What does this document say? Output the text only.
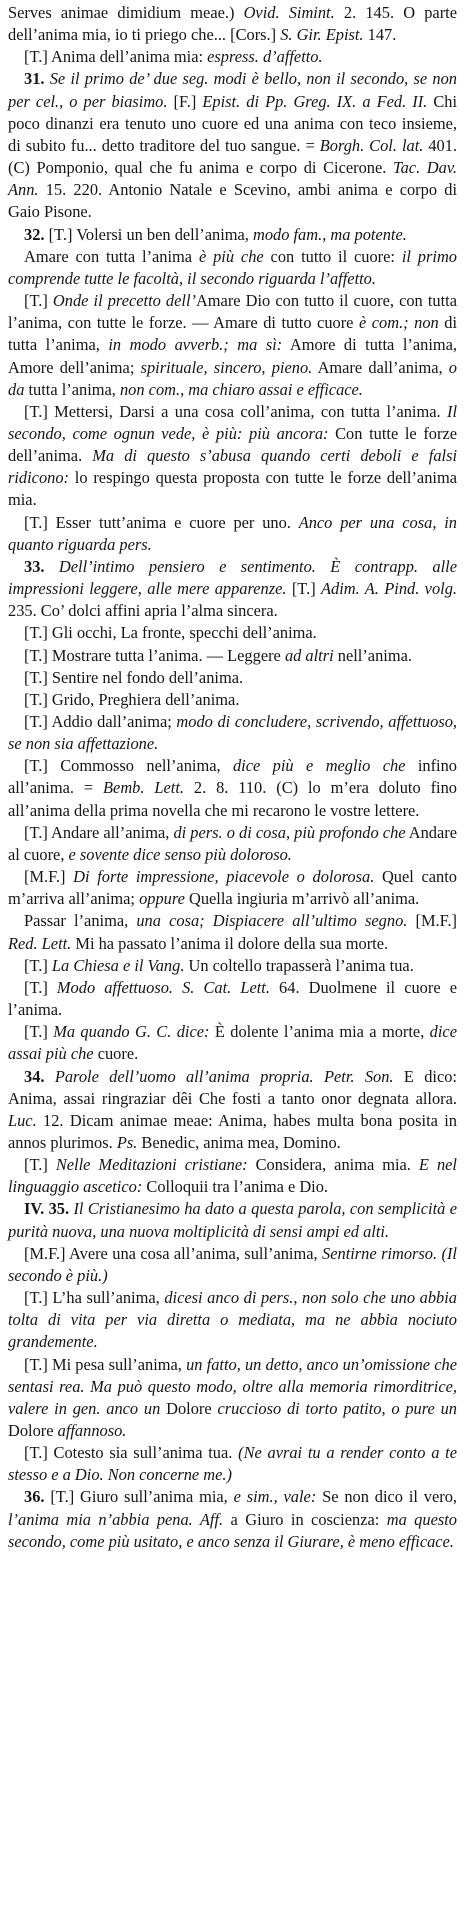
Serves animae dimidium meae.) Ovid. Simint. 2. 145. O parte dell’anima mia, io ti priego che... [Cors.] S. Gir. Epist. 147.

[T.] Anima dell’anima mia: espress. d’affetto.

31. Se il primo de’ due seg. modi è bello, non il secondo, se non per cel., o per biasimo. [F.] Epist. di Pp. Greg. IX. a Fed. II. Chi poco dinanzi era tenuto uno cuore ed una anima con teco insieme, di subito fu... detto traditore del tuo sangue. = Borgh. Col. lat. 401. (C) Pomponio, qual che fu anima e corpo di Cicerone. Tac. Dav. Ann. 15. 220. Antonio Natale e Scevino, ambi anima e corpo di Gaio Pisone.

32. [T.] Volersi un ben dell’anima, modo fam., ma potente.

Amare con tutta l’anima è più che con tutto il cuore: il primo comprende tutte le facoltà, il secondo riguarda l’affetto.

[T.] Onde il precetto dell’Amare Dio con tutto il cuore, con tutta l’anima, con tutte le forze. — Amare di tutto cuore è com.; non di tutta l’anima, in modo avverb.; ma sì: Amore di tutta l’anima, Amore dell’anima; spirituale, sincero, pieno. Amare dall’anima, o da tutta l’anima, non com., ma chiaro assai e efficace.

[T.] Mettersi, Darsi a una cosa coll’anima, con tutta l’anima. Il secondo, come ognun vede, è più: più ancora: Con tutte le forze dell’anima. Ma di questo s’abusa quando certi deboli e falsi ridicono: lo respingo questa proposta con tutte le forze dell’anima mia.

[T.] Esser tutt’anima e cuore per uno. Anco per una cosa, in quanto riguarda pers.

33. Dell’intimo pensiero e sentimento. È contrapp. alle impressioni leggere, alle mere apparenze. [T.] Adim. A. Pind. volg. 235. Co’ dolci affini apria l’alma sincera.

[T.] Gli occhi, La fronte, specchi dell’anima.

[T.] Mostrare tutta l’anima. — Leggere ad altri nell’anima.

[T.] Sentire nel fondo dell’anima.

[T.] Grido, Preghiera dell’anima.

[T.] Addio dall’anima; modo di concludere, scrivendo, affettuoso, se non sia affettazione.

[T.] Commosso nell’anima, dice più e meglio che infino all’anima. = Bemb. Lett. 2. 8. 110. (C) lo m’era doluto fino all’anima della prima novella che mi recarono le vostre lettere.

[T.] Andare all’anima, di pers. o di cosa, più profondo che Andare al cuore, e sovente dice senso più doloroso.

[M.F.] Di forte impressione, piacevole o dolorosa. Quel canto m’arriva all’anima; oppure Quella ingiuria m’arrivò all’anima.

Passar l’anima, una cosa; Dispiacere all’ultimo segno. [M.F.] Red. Lett. Mi ha passato l’anima il dolore della sua morte.

[T.] La Chiesa e il Vang. Un coltello trapasserà l’anima tua.

[T.] Modo affettuoso. S. Cat. Lett. 64. Duolmene il cuore e l’anima.

[T.] Ma quando G. C. dice: È dolente l’anima mia a morte, dice assai più che cuore.

34. Parole dell’uomo all’anima propria. Petr. Son. E dico: Anima, assai ringraziar dêi Che fosti a tanto onor degnata allora. Luc. 12. Dicam animae meae: Anima, habes multa bona posita in annos plurimos. Ps. Benedic, anima mea, Domino.

[T.] Nelle Meditazioni cristiane: Considera, anima mia. E nel linguaggio ascetico: Colloquii tra l’anima e Dio.

IV. 35. Il Cristianesimo ha dato a questa parola, con semplicità e purità nuova, una nuova moltiplicità di sensi ampi ed alti.

[M.F.] Avere una cosa all’anima, sull’anima, Sentirne rimorso. (Il secondo è più.)

[T.] L’ha sull’anima, dicesi anco di pers., non solo che uno abbia tolta di vita per via diretta o mediata, ma ne abbia nociuto grandemente.

[T.] Mi pesa sull’anima, un fatto, un detto, anco un’omissione che sentasi rea. Ma può questo modo, oltre alla memoria rimorditrice, valere in gen. anco un Dolore cruccioso di torto patito, o pure un Dolore affannoso.

[T.] Cotesto sia sull’anima tua. (Ne avrai tu a render conto a te stesso e a Dio. Non concerne me.)

36. [T.] Giuro sull’anima mia, e sim., vale: Se non dico il vero, l’anima mia n’abbia pena. Aff. a Giuro in coscienza: ma questo secondo, come più usitato, e anco senza il Giurare, è meno efficace.
